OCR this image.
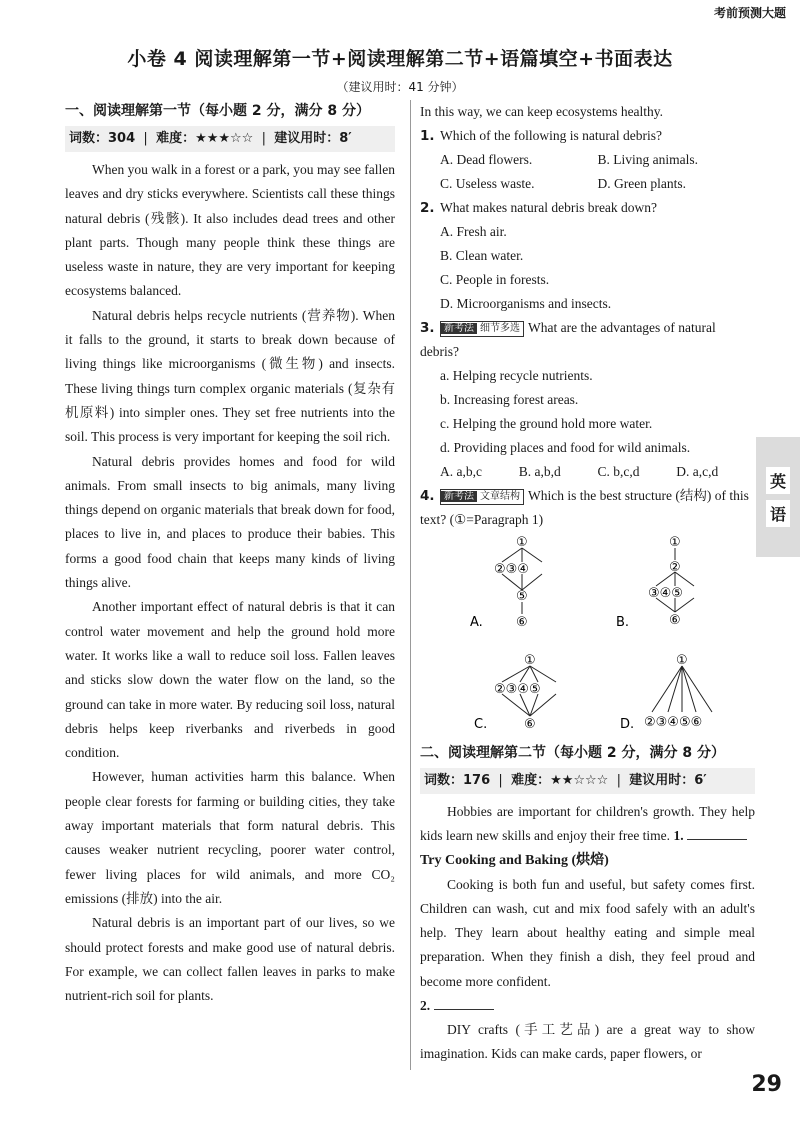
考前预测大题
小卷 4 阅读理解第一节+阅读理解第二节+语篇填空+书面表达
（建议用时：41 分钟）
一、阅读理解第一节（每小题 2 分，满分 8 分）
词数：304  |  难度：★★★☆☆  |  建议用时：8′

When you walk in a forest or a park, you may see fallen leaves and dry sticks everywhere. Scientists call these things natural debris (残骸). It also includes dead trees and other plant parts. Though many people think these things are useless waste in nature, they are very important for keeping ecosystems balanced.

Natural debris helps recycle nutrients (营养物). When it falls to the ground, it starts to break down because of living things like microorganisms (微生物) and insects. These living things turn complex organic materials (复杂有机原料) into simpler ones. They set free nutrients into the soil. This process is very important for keeping the soil rich.

Natural debris provides homes and food for wild animals. From small insects to big animals, many living things depend on organic materials that break down for food, places to live in, and places to produce their babies. This forms a good food chain that keeps many kinds of living things alive.

Another important effect of natural debris is that it can control water movement and help the ground hold more water. It works like a wall to reduce soil loss. Fallen leaves and sticks slow down the water flow on the land, so the ground can take in more water. By reducing soil loss, natural debris helps keep riverbanks and riverbeds in good condition.

However, human activities harm this balance. When people clear forests for farming or building cities, they take away important materials that form natural debris. This causes weaker nutrient recycling, poorer water control, fewer living places for wild animals, and more CO₂ emissions (排放) into the air.

Natural debris is an important part of our lives, so we should protect forests and make good use of natural debris. For example, we can collect fallen leaves in parks to make nutrient-rich soil for plants.

In this way, we can keep ecosystems healthy.
1. Which of the following is natural debris?
A. Dead flowers.	B. Living animals.
C. Useless waste.	D. Green plants.
2. What makes natural debris break down?
A. Fresh air.
B. Clean water.
C. People in forests.
D. Microorganisms and insects.
3. 新考法 细节多选 What are the advantages of natural debris?
a. Helping recycle nutrients.
b. Increasing forest areas.
c. Helping the ground hold more water.
d. Providing places and food for wild animals.
A. a,b,c	B. a,b,d	C. b,c,d	D. a,c,d
4. 新考法 文章结构 Which is the best structure (结构) of this text? (①=Paragraph 1)
①
②③④
⑤
⑥
A.
①
②
③④⑤
⑥
B.
①
②③④⑤
⑥
C.
①
②③④⑤⑥
D.
二、阅读理解第二节（每小题 2 分，满分 8 分）
词数：176  |  难度：★★☆☆☆  |  建议用时：6′

Hobbies are important for children's growth. They help kids learn new skills and enjoy their free time. 1.

Try Cooking and Baking (烘焙)

Cooking is both fun and useful, but safety comes first. Children can wash, cut and mix food safely with an adult's help. They learn about healthy eating and simple meal preparation. When they finish a dish, they feel proud and become more confident.

2.

DIY crafts (手工艺品) are a great way to show imagination. Kids can make cards, paper flowers, or

英
语
29
